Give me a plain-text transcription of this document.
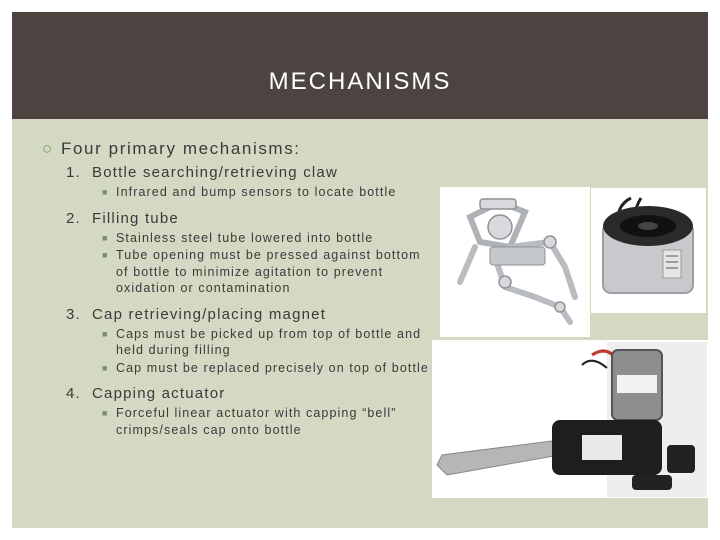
MECHANISMS
○ Four primary mechanisms:
1. Bottle searching/retrieving claw
■ Infrared and bump sensors to locate bottle
2. Filling tube
■ Stainless steel tube lowered into bottle
■ Tube opening must be pressed against bottom of bottle to minimize agitation to prevent oxidation or contamination
3. Cap retrieving/placing magnet
■ Caps must be picked up from top of bottle and held during filling
■ Cap must be replaced precisely on top of bottle
4. Capping actuator
■ Forceful linear actuator with capping “bell” crimps/seals cap onto bottle
